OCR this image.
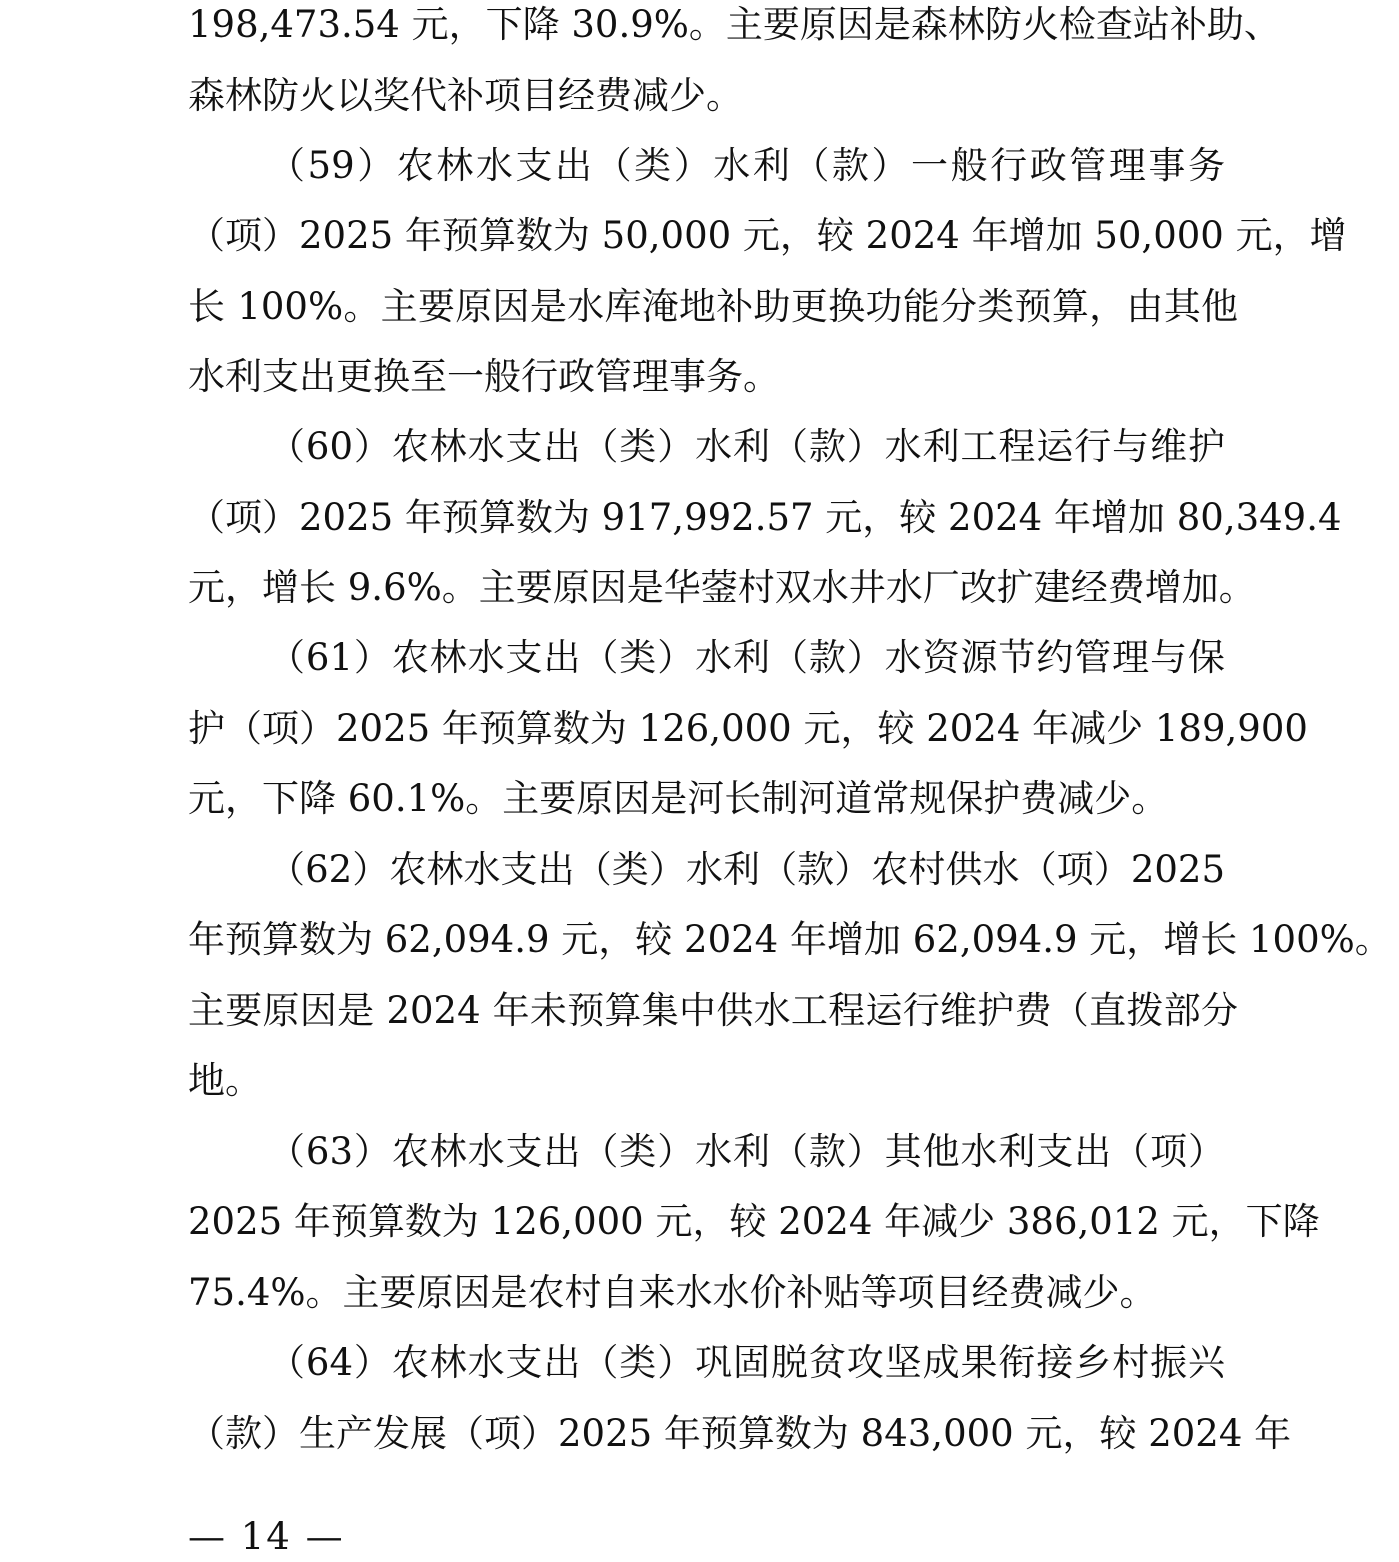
198,473.54 元，下降 30.9%。主要原因是森林防火检查站补助、
森林防火以奖代补项目经费减少。
（59）农林水支出（类）水利（款）一般行政管理事务
（项）2025 年预算数为 50,000 元，较 2024 年增加 50,000 元，增
长 100%。主要原因是水库淹地补助更换功能分类预算，由其他
水利支出更换至一般行政管理事务。
（60）农林水支出（类）水利（款）水利工程运行与维护
（项）2025 年预算数为 917,992.57 元，较 2024 年增加 80,349.4
元，增长 9.6%。主要原因是华蓥村双水井水厂改扩建经费增加。
（61）农林水支出（类）水利（款）水资源节约管理与保
护（项）2025 年预算数为 126,000 元，较 2024 年减少 189,900
元，下降 60.1%。主要原因是河长制河道常规保护费减少。
（62）农林水支出（类）水利（款）农村供水（项）2025
年预算数为 62,094.9 元，较 2024 年增加 62,094.9 元，增长 100%。
主要原因是 2024 年未预算集中供水工程运行维护费（直拨部分
地。
（63）农林水支出（类）水利（款）其他水利支出（项）
2025 年预算数为 126,000 元，较 2024 年减少 386,012 元，下降
75.4%。主要原因是农村自来水水价补贴等项目经费减少。
（64）农林水支出（类）巩固脱贫攻坚成果衔接乡村振兴
（款）生产发展（项）2025 年预算数为 843,000 元，较 2024 年
— 14 —
